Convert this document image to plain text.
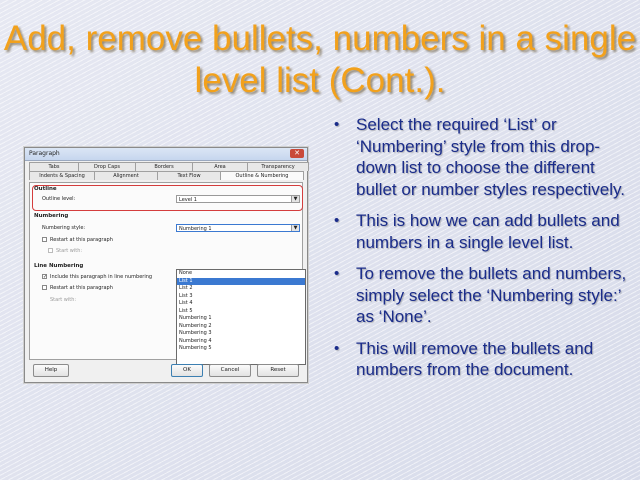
Add, remove bullets, numbers in a single level list (Cont.).
Paragraph	✕
Tabs	Drop Caps	Borders	Area	Transparency
Indents & Spacing	Alignment	Text Flow	Outline & Numbering
Outline
Outline level:	Level 1	▼
Numbering
Numbering style:	Numbering 1	▼
Restart at this paragraph
Start with:
Line Numbering
✓ Include this paragraph in line numbering
Restart at this paragraph
Start with:
None
List 1
List 2
List 3
List 4
List 5
Numbering 1
Numbering 2
Numbering 3
Numbering 4
Numbering 5
Help	OK	Cancel	Reset
• Select the required ‘List’ or ‘Numbering’ style from this drop-down list to choose the different bullet or number styles respectively.
• This is how we can add bullets and numbers in a single level list.
• To remove the bullets and numbers, simply select the ‘Numbering style:’ as ‘None’.
• This will remove the bullets and numbers from the document.
